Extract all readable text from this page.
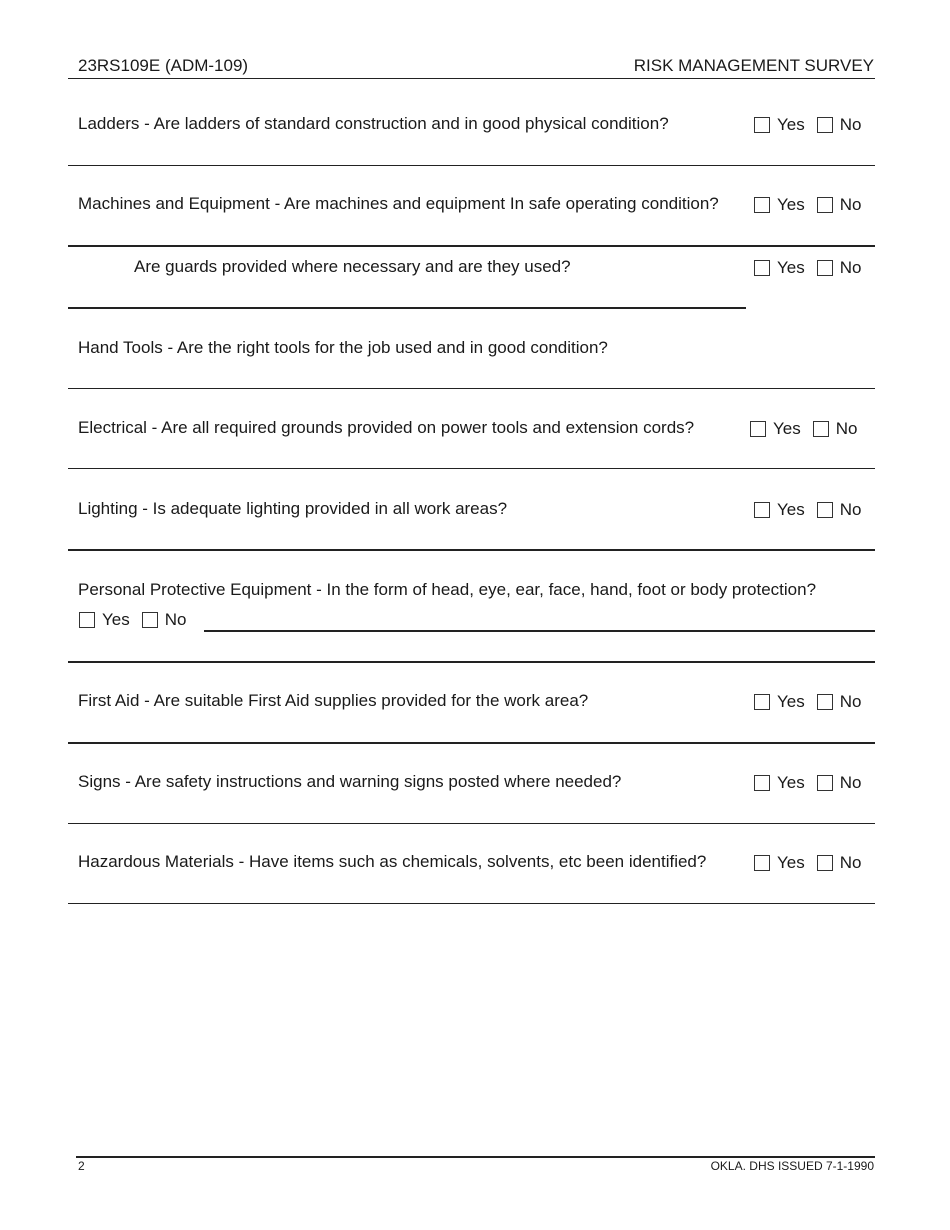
23RS109E (ADM-109)	RISK MANAGEMENT SURVEY
Ladders - Are ladders of standard construction and in good physical condition?	Yes No
Machines and Equipment - Are machines and equipment In safe operating condition?	Yes No
Are guards provided where necessary and are they used?	Yes No
Hand Tools - Are the right tools for the job used and in good condition?
Electrical - Are all required grounds provided on power tools and extension cords?	Yes No
Lighting - Is adequate lighting provided in all work areas?	Yes No
Personal Protective Equipment - In the form of head, eye, ear, face, hand, foot or body protection?
Yes No
First Aid - Are suitable First Aid supplies provided for the work area?	Yes No
Signs - Are safety instructions and warning signs posted where needed?	Yes No
Hazardous Materials - Have items such as chemicals, solvents, etc been identified?	Yes No
2	OKLA. DHS ISSUED 7-1-1990
